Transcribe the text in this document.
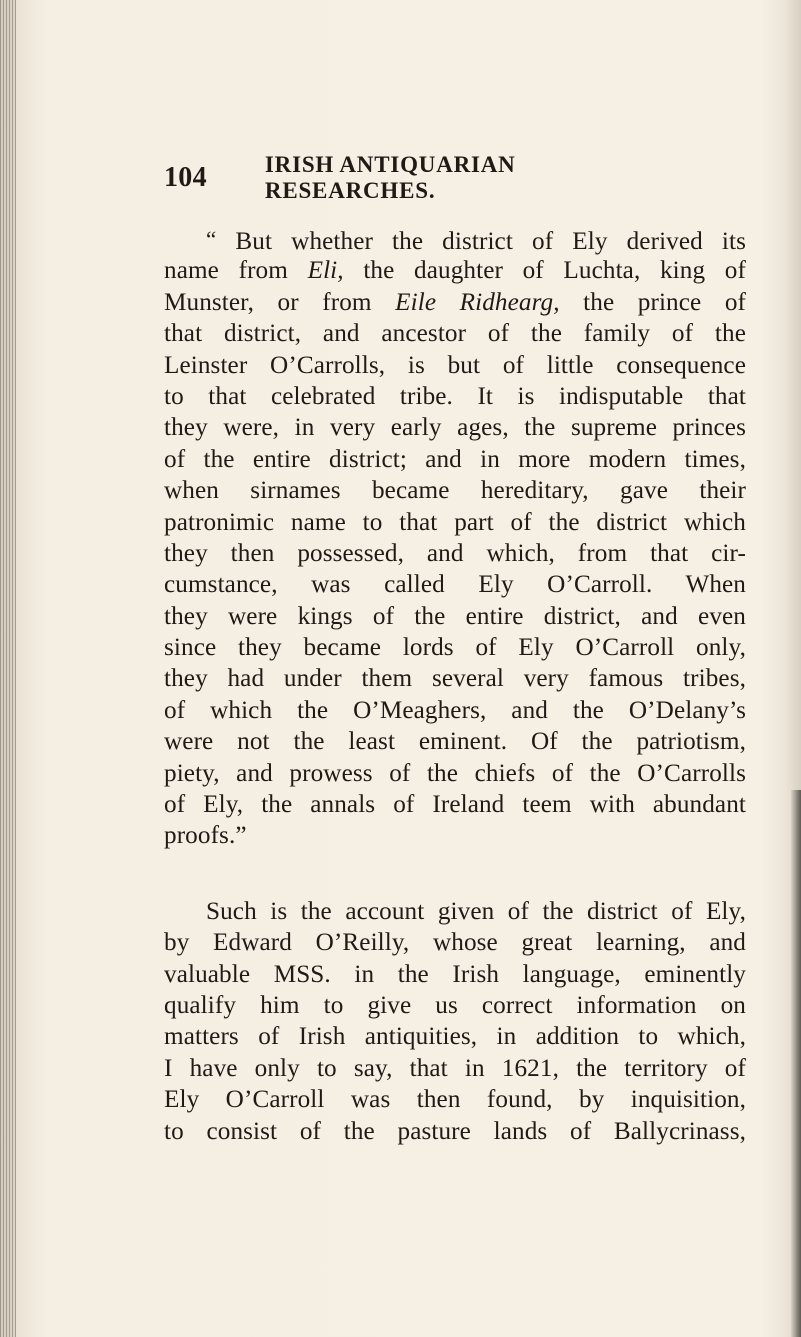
104	IRISH ANTIQUARIAN RESEARCHES.
“ But whether the district of Ely derived its
name from Eli, the daughter of Luchta, king of
Munster, or from Eile Ridhearg, the prince of
that district, and ancestor of the family of the
Leinster O’Carrolls, is but of little consequence
to that celebrated tribe. It is indisputable that
they were, in very early ages, the supreme princes
of the entire district; and in more modern times,
when sirnames became hereditary, gave their
patronimic name to that part of the district which
they then possessed, and which, from that cir-
cumstance, was called Ely O’Carroll. When
they were kings of the entire district, and even
since they became lords of Ely O’Carroll only,
they had under them several very famous tribes,
of which the O’Meaghers, and the O’Delany’s
were not the least eminent. Of the patriotism,
piety, and prowess of the chiefs of the O’Carrolls
of Ely, the annals of Ireland teem with abundant
proofs.”
Such is the account given of the district of Ely,
by Edward O’Reilly, whose great learning, and
valuable MSS. in the Irish language, eminently
qualify him to give us correct information on
matters of Irish antiquities, in addition to which,
I have only to say, that in 1621, the territory of
Ely O’Carroll was then found, by inquisition,
to consist of the pasture lands of Ballycrinass,
